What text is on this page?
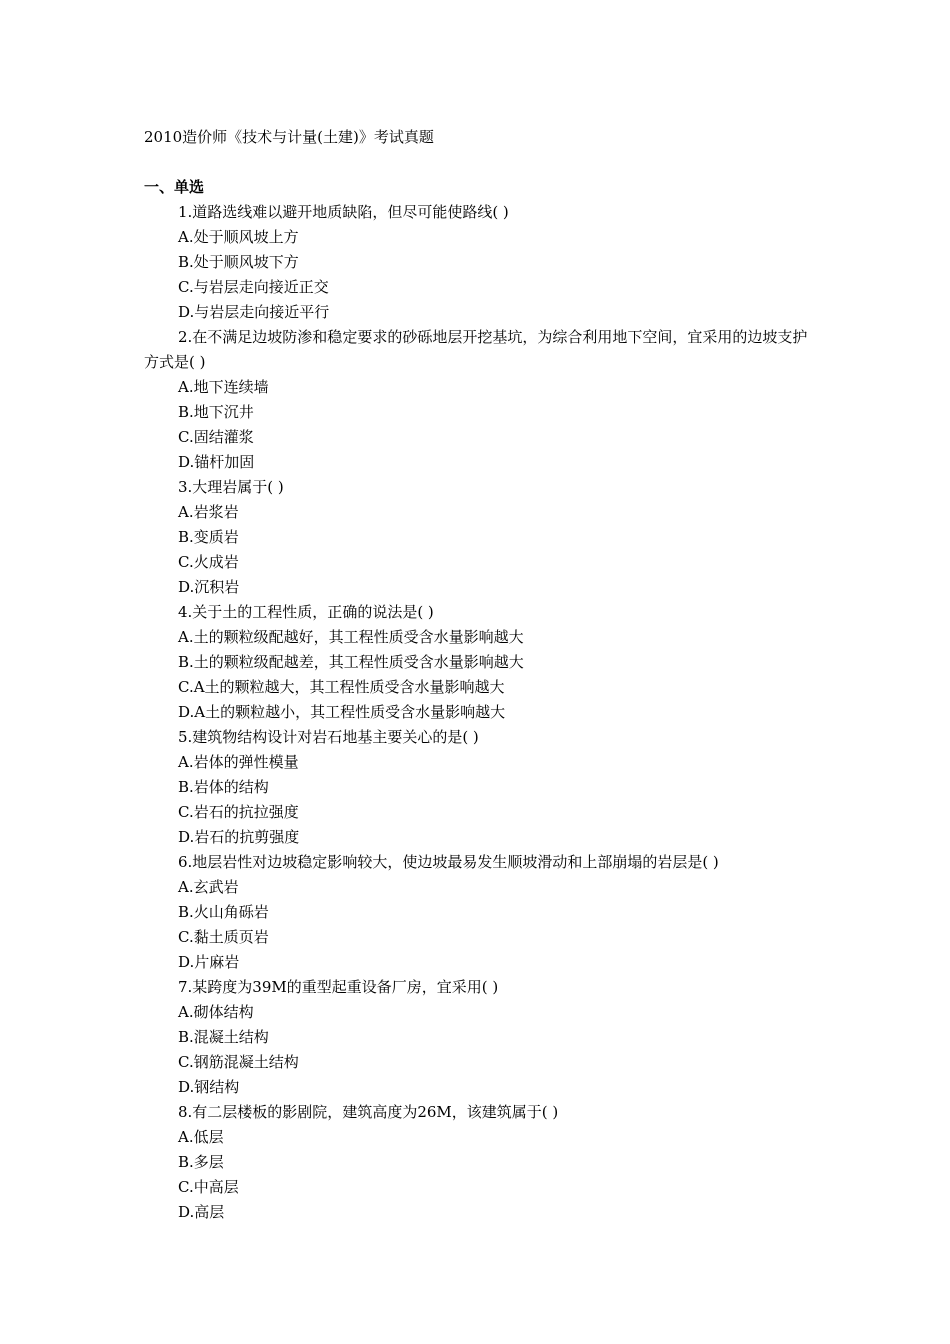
2010造价师《技术与计量(土建)》考试真题
一、单选

1.道路选线难以避开地质缺陷，但尽可能使路线( )

A.处于顺风坡上方

B.处于顺风坡下方

C.与岩层走向接近正交

D.与岩层走向接近平行

2.在不满足边坡防渗和稳定要求的砂砾地层开挖基坑，为综合利用地下空间，宜采用的边坡支护方式是( )

A.地下连续墙

B.地下沉井

C.固结灌浆

D.锚杆加固

3.大理岩属于( )

A.岩浆岩

B.变质岩

C.火成岩

D.沉积岩

4.关于土的工程性质，正确的说法是( )

A.土的颗粒级配越好，其工程性质受含水量影响越大

B.土的颗粒级配越差，其工程性质受含水量影响越大

C.A土的颗粒越大，其工程性质受含水量影响越大

D.A土的颗粒越小，其工程性质受含水量影响越大

5.建筑物结构设计对岩石地基主要关心的是( )

A.岩体的弹性模量

B.岩体的结构

C.岩石的抗拉强度

D.岩石的抗剪强度

6.地层岩性对边坡稳定影响较大，使边坡最易发生顺坡滑动和上部崩塌的岩层是( )

A.玄武岩

B.火山角砾岩

C.黏土质页岩

D.片麻岩

7.某跨度为39M的重型起重设备厂房，宜采用( )

A.砌体结构

B.混凝土结构

C.钢筋混凝土结构

D.钢结构

8.有二层楼板的影剧院，建筑高度为26M，该建筑属于( )

A.低层

B.多层

C.中高层

D.高层
